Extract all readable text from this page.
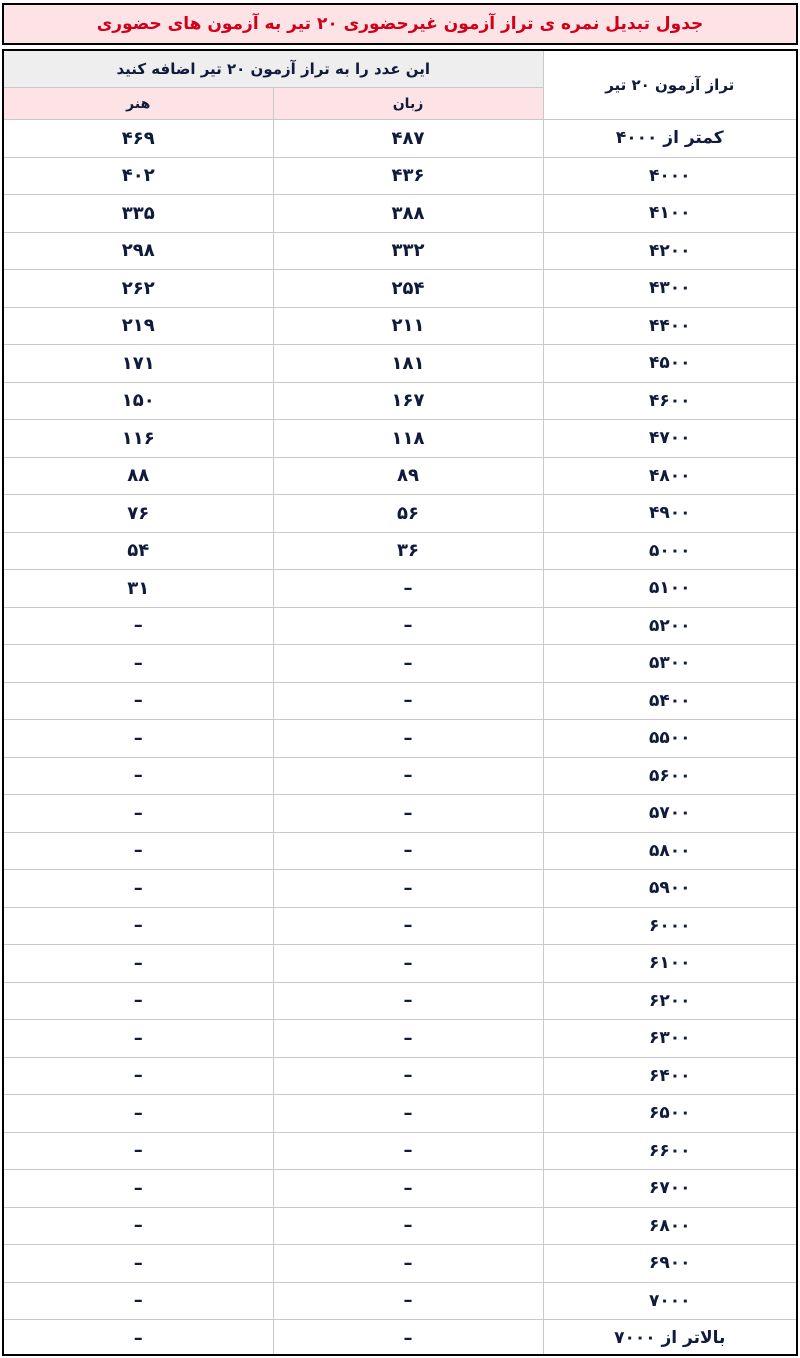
جدول تبدیل نمره ی تراز آزمون غیرحضوری ۲۰ تیر به آزمون های حضوری
تراز آزمون ۲۰ تیر	این عدد را به تراز آزمون ۲۰ تیر اضافه کنید	
	زبان	هنر
کمتر از ۴۰۰۰	۴۸۷	۴۶۹
۴۰۰۰	۴۳۶	۴۰۲
۴۱۰۰	۳۸۸	۳۳۵
۴۲۰۰	۳۳۲	۲۹۸
۴۳۰۰	۲۵۴	۲۶۲
۴۴۰۰	۲۱۱	۲۱۹
۴۵۰۰	۱۸۱	۱۷۱
۴۶۰۰	۱۶۷	۱۵۰
۴۷۰۰	۱۱۸	۱۱۶
۴۸۰۰	۸۹	۸۸
۴۹۰۰	۵۶	۷۶
۵۰۰۰	۳۶	۵۴
۵۱۰۰	–	۳۱
۵۲۰۰	–	–
۵۳۰۰	–	–
۵۴۰۰	–	–
۵۵۰۰	–	–
۵۶۰۰	–	–
۵۷۰۰	–	–
۵۸۰۰	–	–
۵۹۰۰	–	–
۶۰۰۰	–	–
۶۱۰۰	–	–
۶۲۰۰	–	–
۶۳۰۰	–	–
۶۴۰۰	–	–
۶۵۰۰	–	–
۶۶۰۰	–	–
۶۷۰۰	–	–
۶۸۰۰	–	–
۶۹۰۰	–	–
۷۰۰۰	–	–
بالاتر از ۷۰۰۰	–	–
